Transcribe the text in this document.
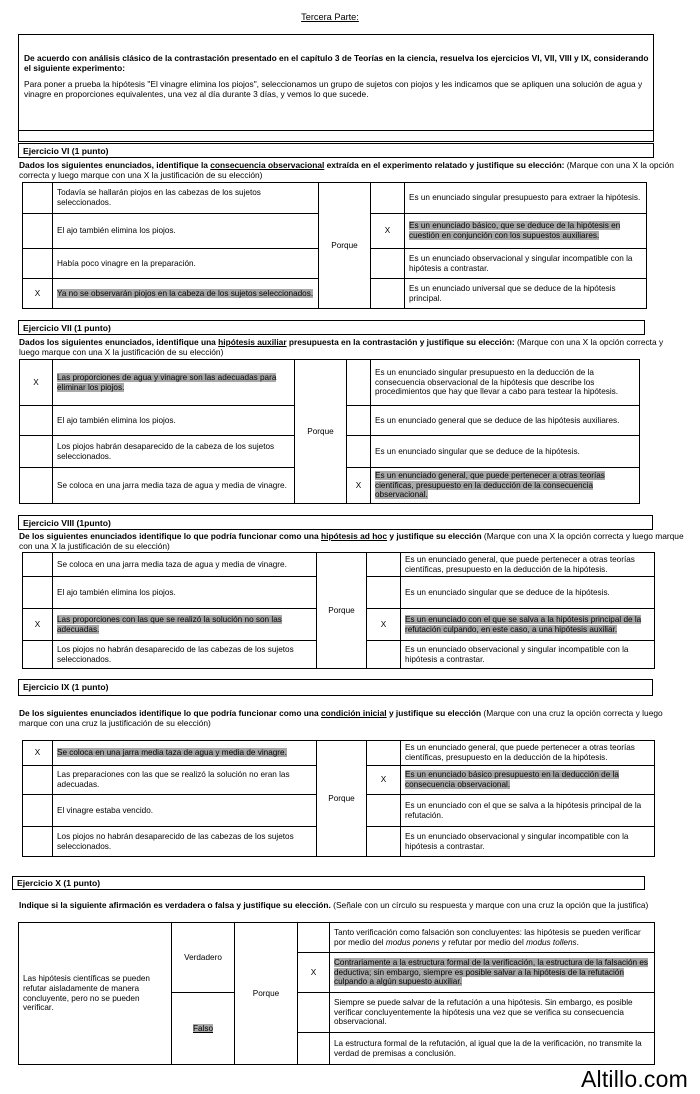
Tercera Parte:

De acuerdo con análisis clásico de la contrastación presentado en el capítulo 3 de Teorías en la ciencia, resuelva los ejercicios VI, VII, VIII y IX, considerando el siguiente experimento:

Para poner a prueba la hipótesis "El vinagre elimina los piojos", seleccionamos un grupo de sujetos con piojos y les indicamos que se apliquen una solución de agua y vinagre en proporciones equivalentes, una vez al día durante 3 días, y vemos lo que sucede.

Ejercicio VI (1 punto)
Dados los siguientes enunciados, identifique la consecuencia observacional extraída en el experimento relatado y justifique su elección: (Marque con una X la opción correcta y luego marque con una X la justificación de su elección)
	Todavía se hallarán piojos en las cabezas de los sujetos seleccionados.	Porque		Es un enunciado singular presupuesto para extraer la hipótesis.
	El ajo también elimina los piojos.		X	Es un enunciado básico, que se deduce de la hipótesis en cuestión en conjunción con los supuestos auxiliares.
	Había poco vinagre en la preparación.			Es un enunciado observacional y singular incompatible con la hipótesis a contrastar.
X	Ya no se observarán piojos en la cabeza de los sujetos seleccionados.			Es un enunciado universal que se deduce de la hipótesis principal.
Ejercicio VII (1 punto)
Dados los siguientes enunciados, identifique una hipótesis auxiliar presupuesta en la contrastación y justifique su elección: (Marque con una X la opción correcta y luego marque con una X la justificación de su elección)
X	Las proporciones de agua y vinagre son las adecuadas para eliminar los piojos.	Porque		Es un enunciado singular presupuesto en la deducción de la consecuencia observacional de la hipótesis que describe los procedimientos que hay que llevar a cabo para testear la hipótesis.
	El ajo también elimina los piojos.			Es un enunciado general que se deduce de las hipótesis auxiliares.
	Los piojos habrán desaparecido de la cabeza de los sujetos seleccionados.			Es un enunciado singular que se deduce de la hipótesis.
	Se coloca en una jarra media taza de agua y media de vinagre.		X	Es un enunciado general, que puede pertenecer a otras teorías científicas, presupuesto en la deducción de la consecuencia observacional.
Ejercicio VIII (1punto)
De los siguientes enunciados identifique lo que podría funcionar como una hipótesis ad hoc y justifique su elección (Marque con una X la opción correcta y luego marque con una X la justificación de su elección)
	Se coloca en una jarra media taza de agua y media de vinagre.	Porque		Es un enunciado general, que puede pertenecer a otras teorías científicas, presupuesto en la deducción de la hipótesis.
	El ajo también elimina los piojos.			Es un enunciado singular que se deduce de la hipótesis.
X	Las proporciones con las que se realizó la solución no son las adecuadas.		X	Es un enunciado con el que se salva a la hipótesis principal de la refutación culpando, en este caso, a una hipótesis auxiliar.
	Los piojos no habrán desaparecido de las cabezas de los sujetos seleccionados.			Es un enunciado observacional y singular incompatible con la hipótesis a contrastar.
Ejercicio IX (1 punto)
De los siguientes enunciados identifique lo que podría funcionar como una condición inicial y justifique su elección (Marque con una cruz la opción correcta y luego marque con una cruz la justificación de su elección)
X	Se coloca en una jarra media taza de agua y media de vinagre.	Porque		Es un enunciado general, que puede pertenecer a otras teorías científicas, presupuesto en la deducción de la hipótesis.
	Las preparaciones con las que se realizó la solución no eran las adecuadas.		X	Es un enunciado básico presupuesto en la deducción de la consecuencia observacional.
	El vinagre estaba vencido.			Es un enunciado con el que se salva a la hipótesis principal de la refutación.
	Los piojos no habrán desaparecido de las cabezas de los sujetos seleccionados.			Es un enunciado observacional y singular incompatible con la hipótesis a contrastar.
Ejercicio X (1 punto)
Indique si la siguiente afirmación es verdadera o falsa y justifique su elección. (Señale con un círculo su respuesta y marque con una cruz la opción que la justifica)
Las hipótesis científicas se pueden refutar aisladamente de manera concluyente, pero no se pueden verificar.	Verdadero	Porque		Tanto verificación como falsación son concluyentes: las hipótesis se pueden verificar por medio del modus ponens y refutar por medio del modus tollens.
			X	Contrariamente a la estructura formal de la verificación, la estructura de la falsación es deductiva; sin embargo, siempre es posible salvar a la hipótesis de la refutación culpando a algún supuesto auxiliar.
	Falso			Siempre se puede salvar de la refutación a una hipótesis. Sin embargo, es posible verificar concluyentemente la hipótesis una vez que se verifica su consecuencia observacional.
				La estructura formal de la refutación, al igual que la de la verificación, no transmite la verdad de premisas a conclusión.
Altillo.com
